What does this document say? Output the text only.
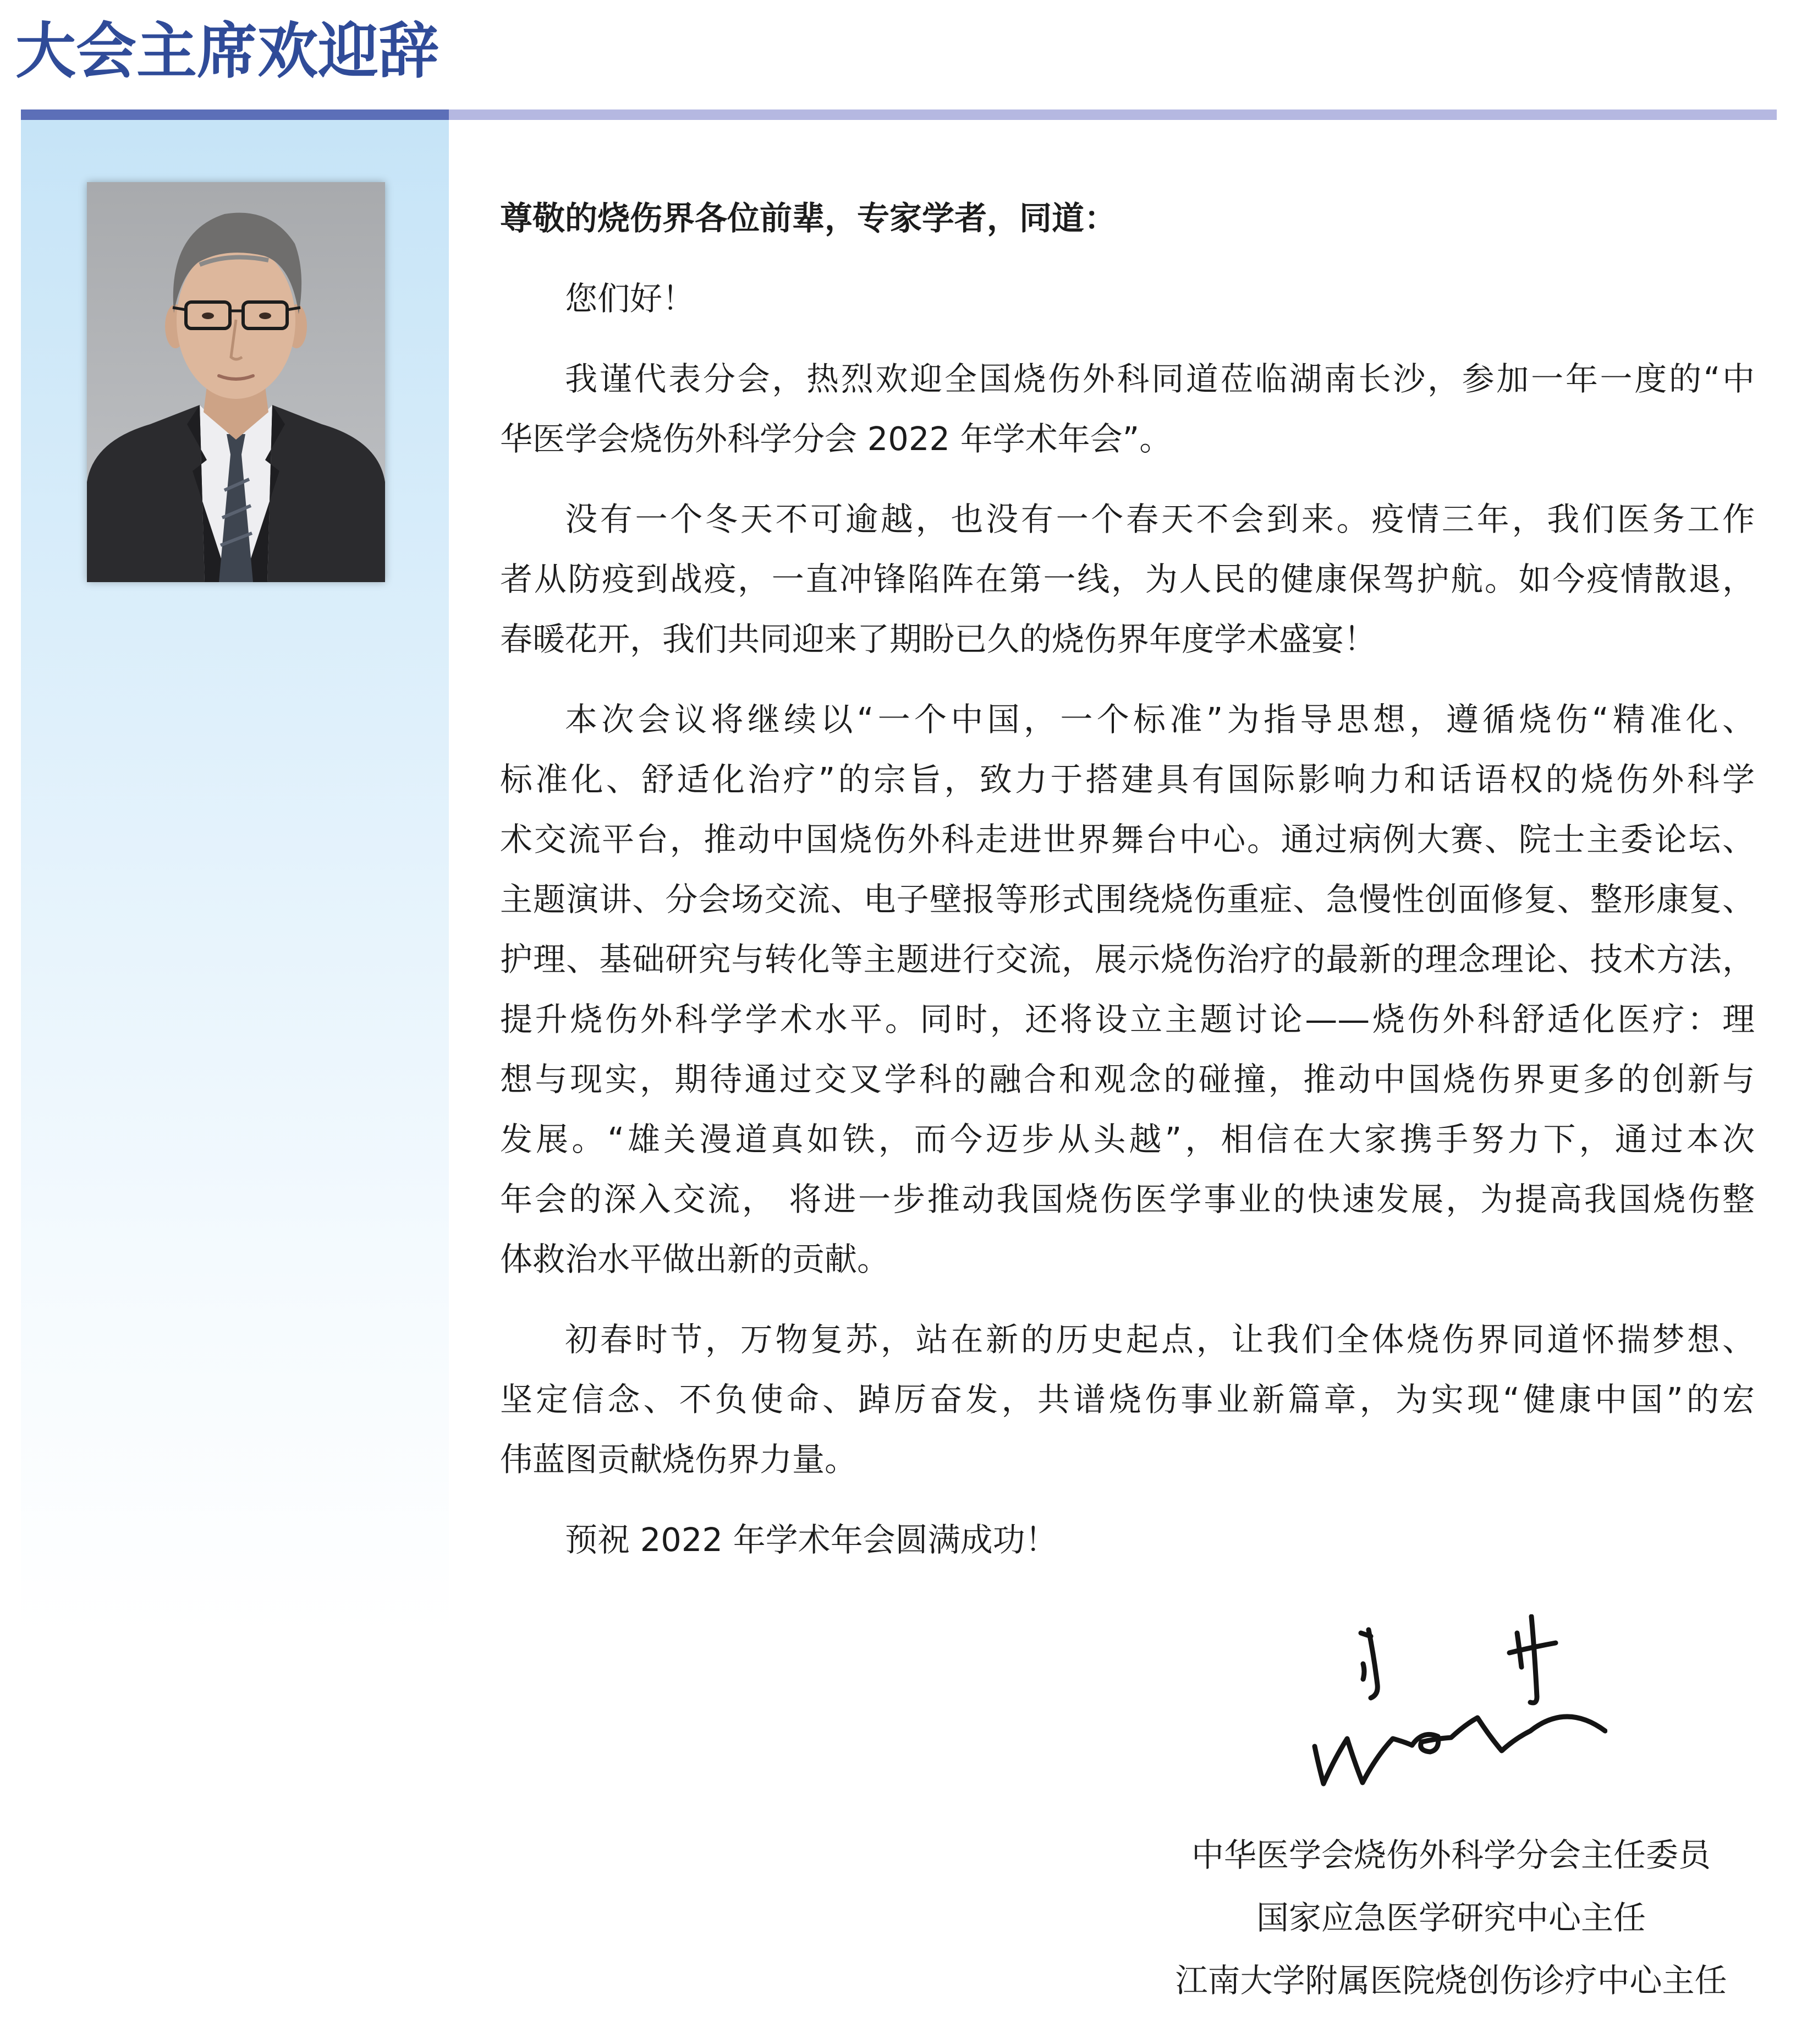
大会主席欢迎辞
尊敬的烧伤界各位前辈，专家学者，同道：
您们好！
我谨代表分会，热烈欢迎全国烧伤外科同道莅临湖南长沙，参加一年一度的“中
华医学会烧伤外科学分会 2022 年学术年会”。
没有一个冬天不可逾越，也没有一个春天不会到来。疫情三年，我们医务工作
者从防疫到战疫，一直冲锋陷阵在第一线，为人民的健康保驾护航。如今疫情散退，
春暖花开，我们共同迎来了期盼已久的烧伤界年度学术盛宴！
本次会议将继续以“一个中国，一个标准”为指导思想，遵循烧伤“精准化、
标准化、舒适化治疗”的宗旨，致力于搭建具有国际影响力和话语权的烧伤外科学
术交流平台，推动中国烧伤外科走进世界舞台中心。通过病例大赛、院士主委论坛、
主题演讲、分会场交流、电子壁报等形式围绕烧伤重症、急慢性创面修复、整形康复、
护理、基础研究与转化等主题进行交流，展示烧伤治疗的最新的理念理论、技术方法，
提升烧伤外科学学术水平。同时，还将设立主题讨论——烧伤外科舒适化医疗：理
想与现实，期待通过交叉学科的融合和观念的碰撞，推动中国烧伤界更多的创新与
发展。“雄关漫道真如铁，而今迈步从头越”，相信在大家携手努力下，通过本次
年会的深入交流， 将进一步推动我国烧伤医学事业的快速发展，为提高我国烧伤整
体救治水平做出新的贡献。
初春时节，万物复苏，站在新的历史起点，让我们全体烧伤界同道怀揣梦想、
坚定信念、不负使命、踔厉奋发，共谱烧伤事业新篇章，为实现“健康中国”的宏
伟蓝图贡献烧伤界力量。
预祝 2022 年学术年会圆满成功！
中华医学会烧伤外科学分会主任委员
国家应急医学研究中心主任
江南大学附属医院烧创伤诊疗中心主任
